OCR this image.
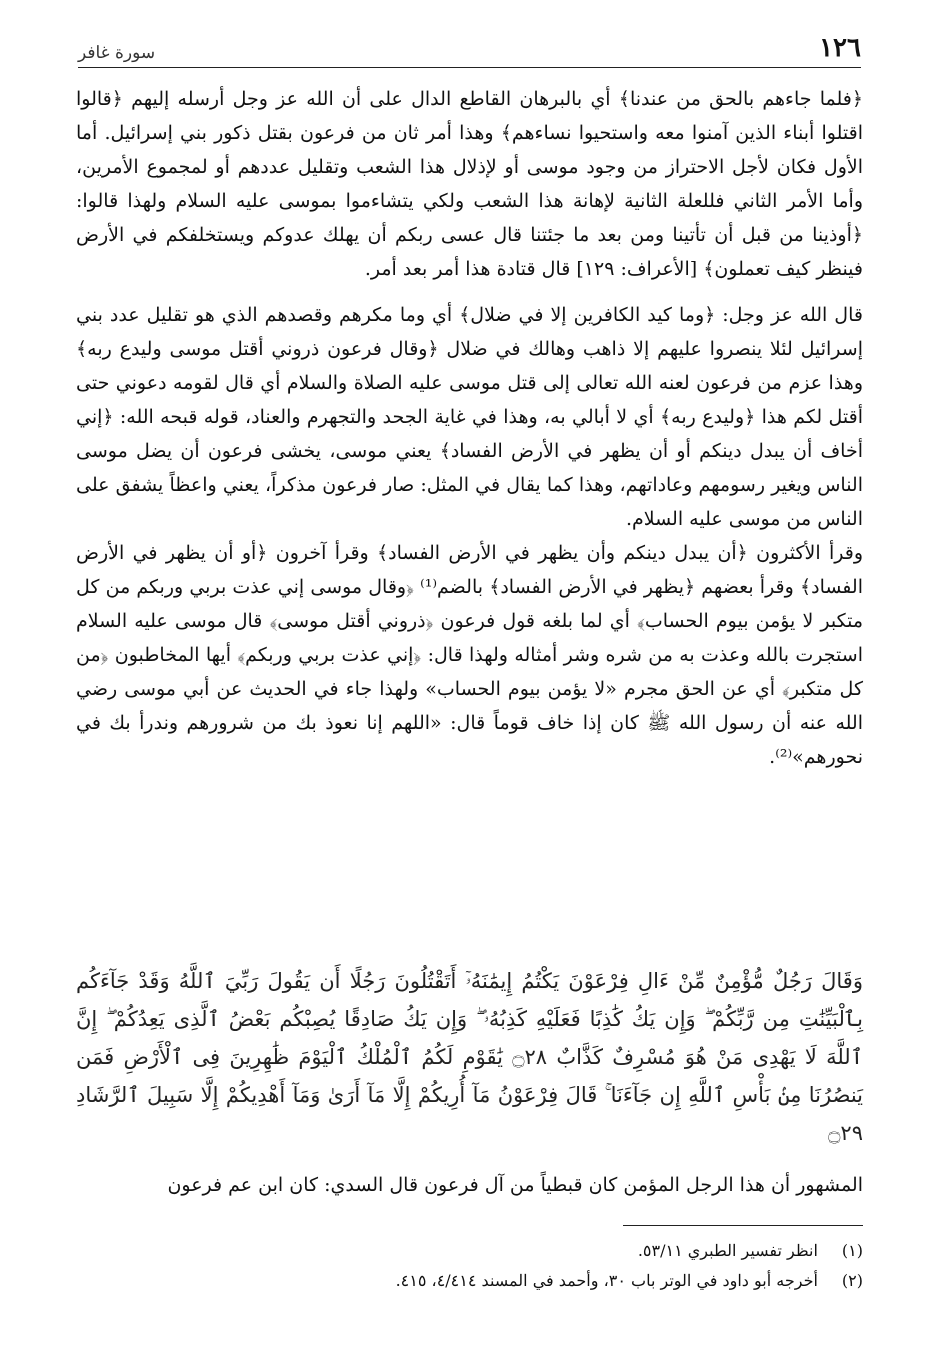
١٢٦
سورة غافر

﴿فلما جاءهم بالحق من عندنا﴾ أي بالبرهان القاطع الدال على أن الله عز وجل أرسله إليهم ﴿قالوا اقتلوا أبناء الذين آمنوا معه واستحيوا نساءهم﴾ وهذا أمر ثان من فرعون بقتل ذكور بني إسرائيل. أما الأول فكان لأجل الاحتراز من وجود موسى أو لإذلال هذا الشعب وتقليل عددهم أو لمجموع الأمرين، وأما الأمر الثاني فللعلة الثانية لإهانة هذا الشعب ولكي يتشاءموا بموسى عليه السلام ولهذا قالوا: ﴿أوذينا من قبل أن تأتينا ومن بعد ما جئتنا قال عسى ربكم أن يهلك عدوكم ويستخلفكم في الأرض فينظر كيف تعملون﴾ [الأعراف: ١٢٩] قال قتادة هذا أمر بعد أمر.

قال الله عز وجل: ﴿وما كيد الكافرين إلا في ضلال﴾ أي وما مكرهم وقصدهم الذي هو تقليل عدد بني إسرائيل لئلا ينصروا عليهم إلا ذاهب وهالك في ضلال ﴿وقال فرعون ذروني أقتل موسى وليدع ربه﴾ وهذا عزم من فرعون لعنه الله تعالى إلى قتل موسى عليه الصلاة والسلام أي قال لقومه دعوني حتى أقتل لكم هذا ﴿وليدع ربه﴾ أي لا أبالي به، وهذا في غاية الجحد والتجهرم والعناد، قوله قبحه الله: ﴿إني أخاف أن يبدل دينكم أو أن يظهر في الأرض الفساد﴾ يعني موسى، يخشى فرعون أن يضل موسى الناس ويغير رسومهم وعاداتهم، وهذا كما يقال في المثل: صار فرعون مذكراً، يعني واعظاً يشفق على الناس من موسى عليه السلام.

وقرأ الأكثرون ﴿أن يبدل دينكم وأن يظهر في الأرض الفساد﴾ وقرأ آخرون ﴿أو أن يظهر في الأرض الفساد﴾ وقرأ بعضهم ﴿يظهر في الأرض الفساد﴾ بالضم⁽¹⁾ ﴿وقال موسى إني عذت بربي وربكم من كل متكبر لا يؤمن بيوم الحساب﴾ أي لما بلغه قول فرعون ﴿ذروني أقتل موسى﴾ قال موسى عليه السلام استجرت بالله وعذت به من شره وشر أمثاله ولهذا قال: ﴿إني عذت بربي وربكم﴾ أيها المخاطبون ﴿من كل متكبر﴾ أي عن الحق مجرم «لا يؤمن بيوم الحساب» ولهذا جاء في الحديث عن أبي موسى رضي الله عنه أن رسول الله ﷺ كان إذا خاف قوماً قال: «اللهم إنا نعوذ بك من شرورهم وندرأ بك في نحورهم»⁽²⁾.

وَقَالَ رَجُلٌ مُّؤْمِنٌ مِّنْ ءَالِ فِرْعَوْنَ يَكْتُمُ إِيمَٰنَهُۥٓ أَتَقْتُلُونَ رَجُلًا أَن يَقُولَ رَبِّيَ ٱللَّهُ وَقَدْ جَآءَكُم بِٱلْبَيِّنَٰتِ مِن رَّبِّكُمْ ۖ وَإِن يَكُ كَٰذِبًا فَعَلَيْهِ كَذِبُهُۥ ۖ وَإِن يَكُ صَادِقًا يُصِبْكُم بَعْضُ ٱلَّذِى يَعِدُكُمْ ۖ إِنَّ ٱللَّهَ لَا يَهْدِى مَنْ هُوَ مُسْرِفٌ كَذَّابٌ ۝٢٨ يَٰقَوْمِ لَكُمُ ٱلْمُلْكُ ٱلْيَوْمَ ظَٰهِرِينَ فِى ٱلْأَرْضِ فَمَن يَنصُرُنَا مِنۢ بَأْسِ ٱللَّهِ إِن جَآءَنَا ۚ قَالَ فِرْعَوْنُ مَآ أُرِيكُمْ إِلَّا مَآ أَرَىٰ وَمَآ أَهْدِيكُمْ إِلَّا سَبِيلَ ٱلرَّشَادِ ۝٢٩
المشهور أن هذا الرجل المؤمن كان قبطياً من آل فرعون قال السدي: كان ابن عم فرعون
(١) انظر تفسير الطبري ٥٣/١١.
(٢) أخرجه أبو داود في الوتر باب ٣٠، وأحمد في المسند ٤/٤١٤، ٤١٥.
